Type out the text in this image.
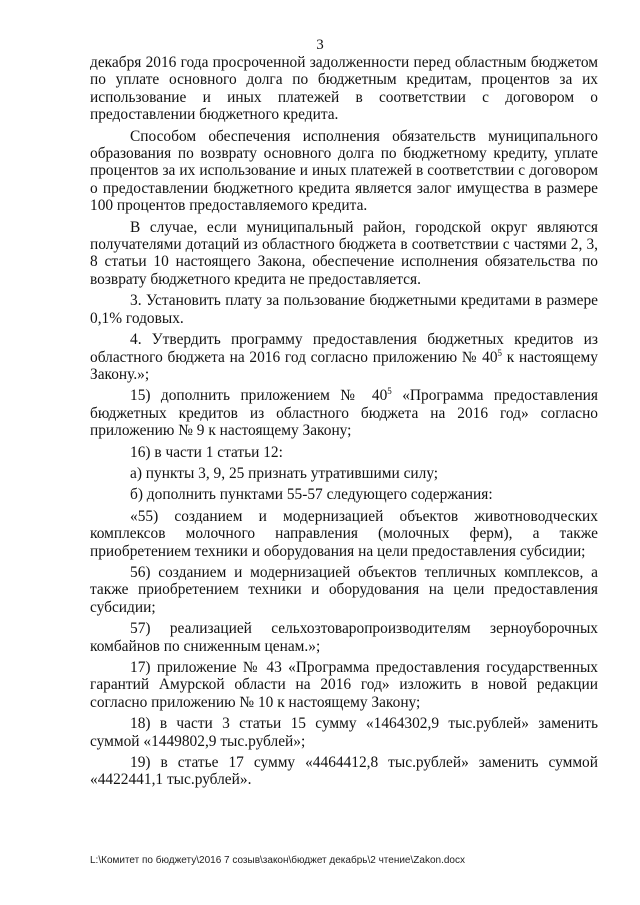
3

декабря 2016 года просроченной задолженности перед областным бюджетом по уплате основного долга по бюджетным кредитам, процентов за их использование и иных платежей в соответствии с договором о предоставлении бюджетного кредита.

Способом обеспечения исполнения обязательств муниципального образования по возврату основного долга по бюджетному кредиту, уплате процентов за их использование и иных платежей в соответствии с договором о предоставлении бюджетного кредита является залог имущества в размере 100 процентов предоставляемого кредита.

В случае, если муниципальный район, городской округ являются получателями дотаций из областного бюджета в соответствии с частями 2, 3, 8 статьи 10 настоящего Закона, обеспечение исполнения обязательства по возврату бюджетного кредита не предоставляется.

3. Установить плату за пользование бюджетными кредитами в размере 0,1% годовых.

4. Утвердить программу предоставления бюджетных кредитов из областного бюджета на 2016 год согласно приложению № $40^5$ к настоящему Закону.»;

15) дополнить приложением № $40^5$ «Программа предоставления бюджетных кредитов из областного бюджета на 2016 год» согласно приложению № 9 к настоящему Закону;

16) в части 1 статьи 12:

а) пункты 3, 9, 25 признать утратившими силу;

б) дополнить пунктами 55-57 следующего содержания:

«55) созданием и модернизацией объектов животноводческих комплексов молочного направления (молочных ферм), а также приобретением техники и оборудования на цели предоставления субсидии;

56) созданием и модернизацией объектов тепличных комплексов, а также приобретением техники и оборудования на цели предоставления субсидии;

57) реализацией сельхозтоваропроизводителям зерноуборочных комбайнов по сниженным ценам.»;

17) приложение № 43 «Программа предоставления государственных гарантий Амурской области на 2016 год» изложить в новой редакции согласно приложению № 10 к настоящему Закону;

18) в части 3 статьи 15 сумму «1464302,9 тыс.рублей» заменить суммой «1449802,9 тыс.рублей»;

19) в статье 17 сумму «4464412,8 тыс.рублей» заменить суммой «4422441,1 тыс.рублей».

L:\Комитет по бюджету\2016 7 созыв\закон\бюджет декабрь\2 чтение\Zakon.docx
